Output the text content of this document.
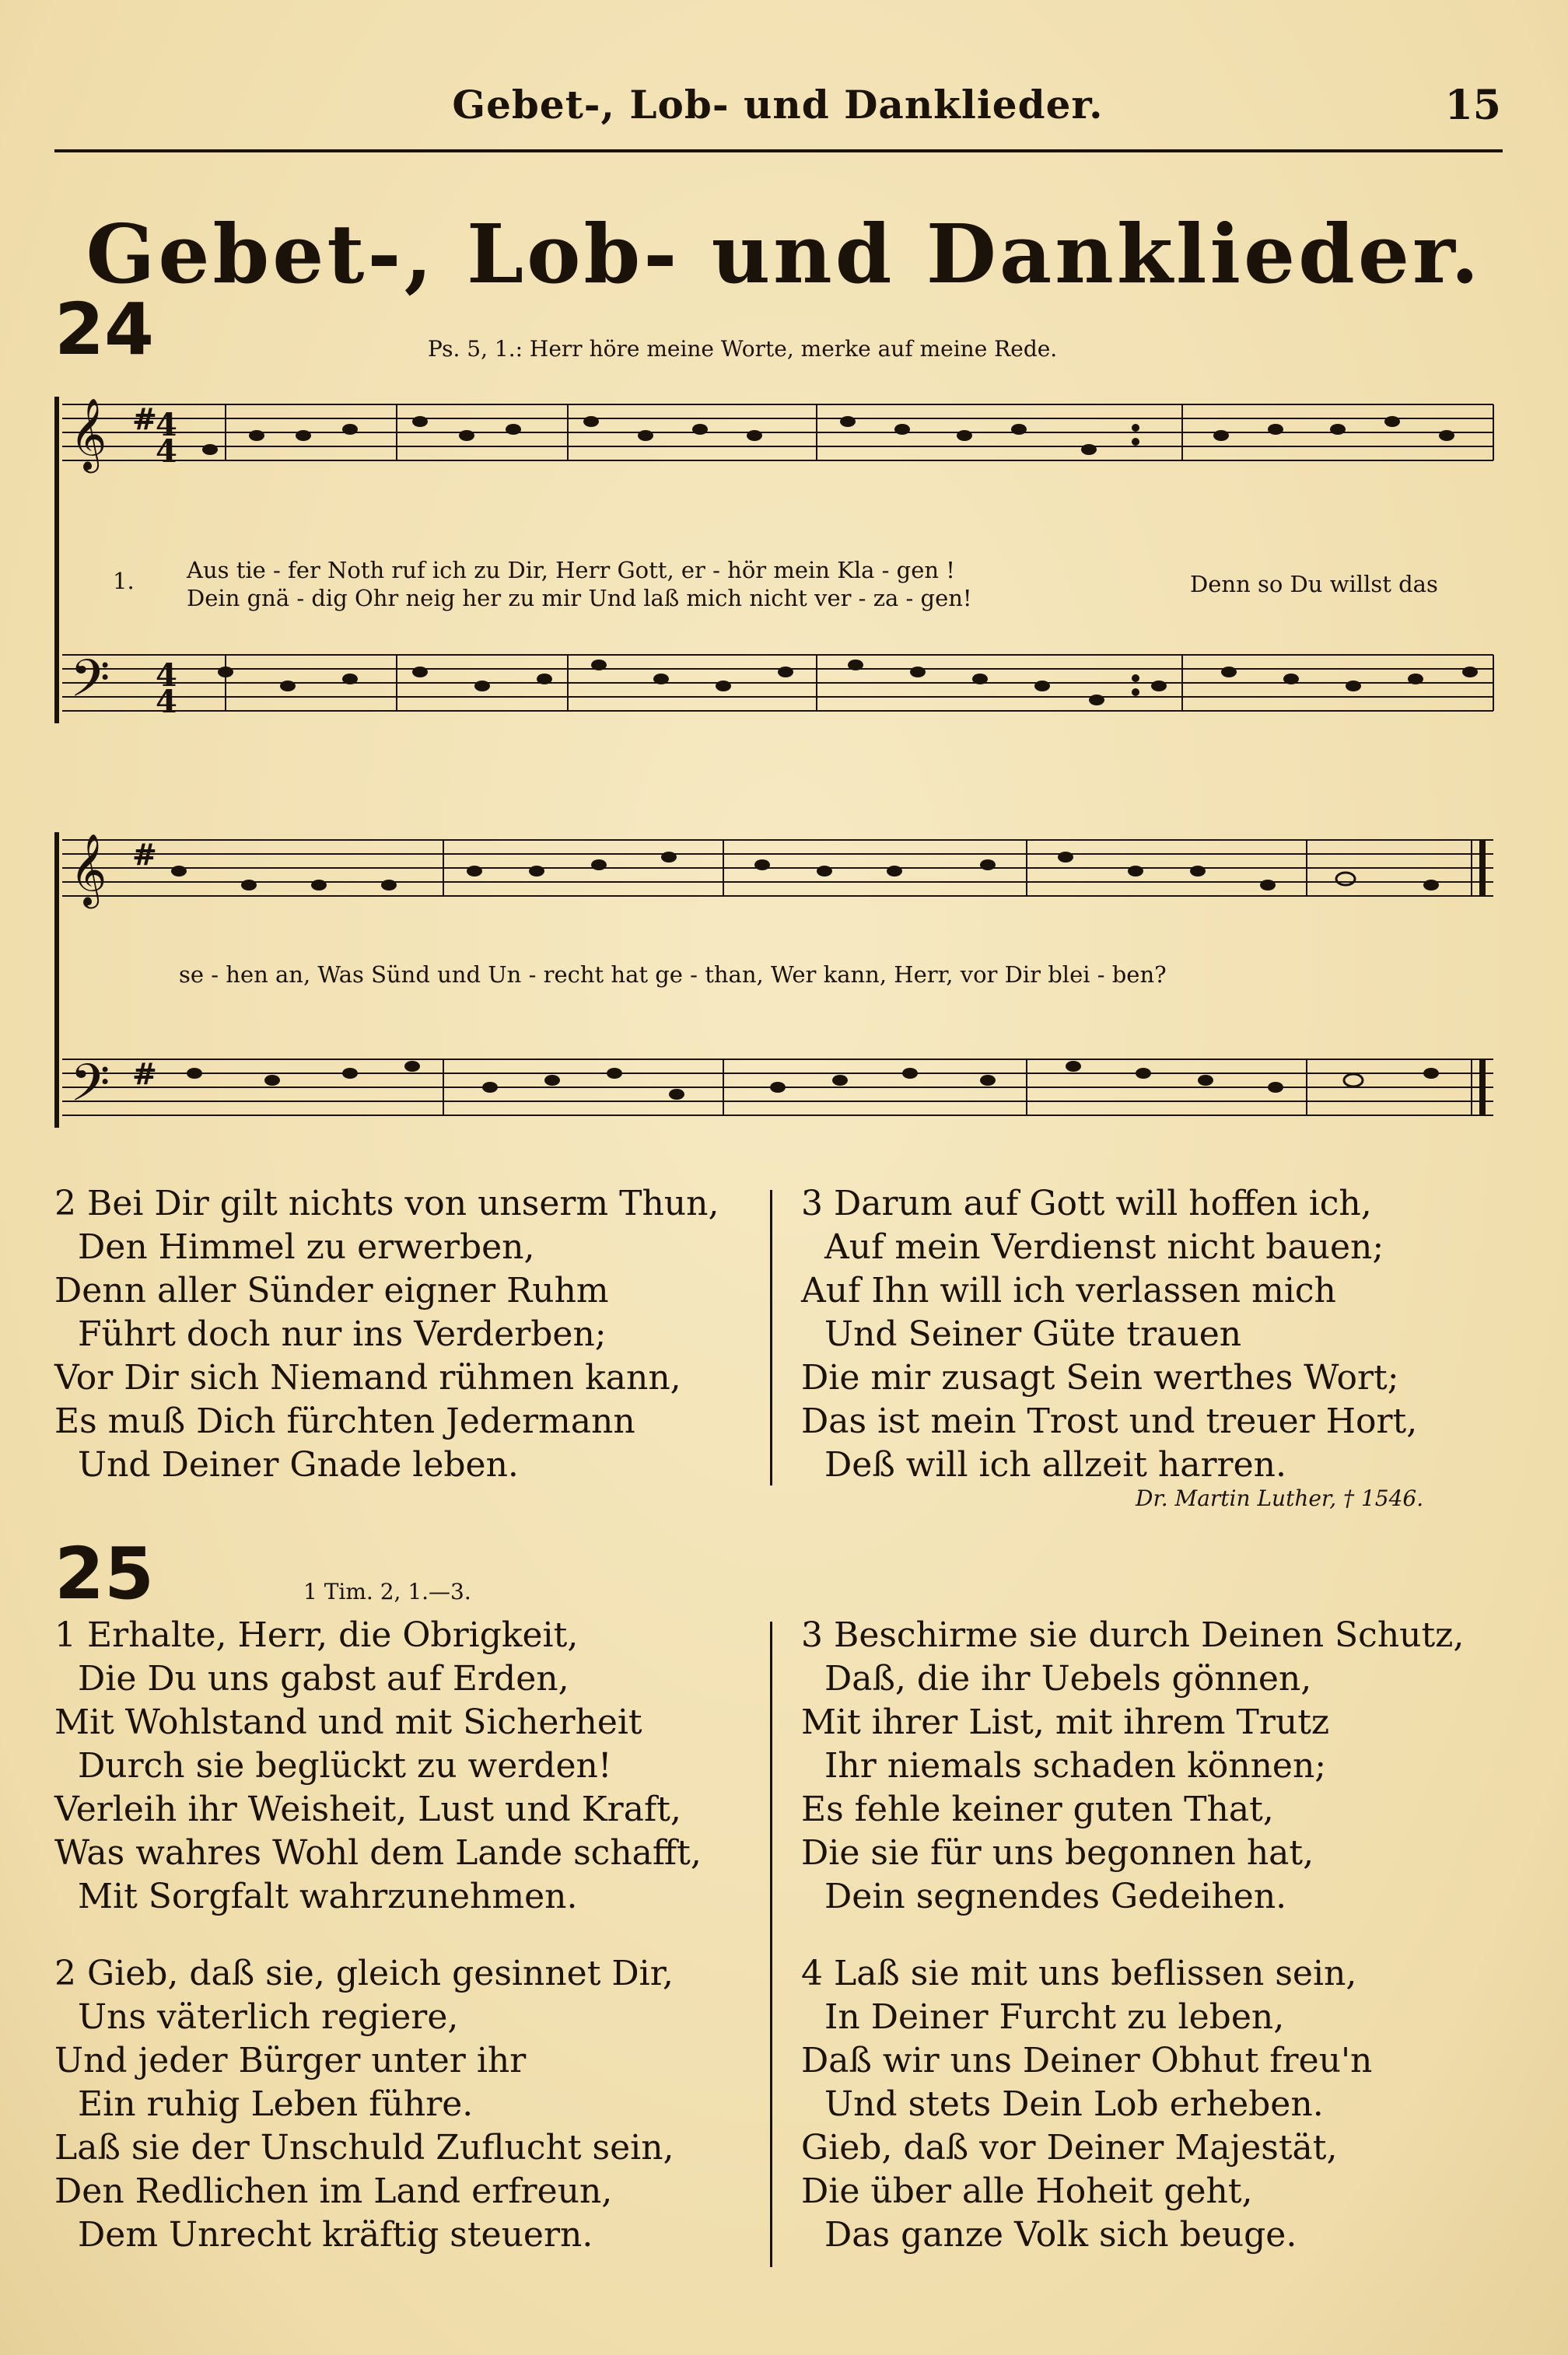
Gebet-, Lob- und Danklieder.	15
Gebet-, Lob- und Danklieder.
24	Ps. 5, 1.: Herr höre meine Worte, merke auf meine Rede.
𝄞 #
4
4
𝄢 4
4
1. Aus tie - fer Noth ruf ich zu Dir, Herr Gott, er - hör mein Kla - gen !
Dein gnä - dig Ohr neig her zu mir Und laß mich nicht ver - za - gen!
Denn so Du willst das
𝄞 #
𝄢 #
se - hen an, Was Sünd und Un - recht hat ge - than, Wer kann, Herr, vor Dir blei - ben?
2 Bei Dir gilt nichts von unserm Thun,
Den Himmel zu erwerben,
Denn aller Sünder eigner Ruhm
Führt doch nur ins Verderben;
Vor Dir sich Niemand rühmen kann,
Es muß Dich fürchten Jedermann
Und Deiner Gnade leben.
3 Darum auf Gott will hoffen ich,
Auf mein Verdienst nicht bauen;
Auf Ihn will ich verlassen mich
Und Seiner Güte trauen
Die mir zusagt Sein werthes Wort;
Das ist mein Trost und treuer Hort,
Deß will ich allzeit harren.
Dr. Martin Luther, † 1546.
25	1 Tim. 2, 1.—3.
1 Erhalte, Herr, die Obrigkeit,
Die Du uns gabst auf Erden,
Mit Wohlstand und mit Sicherheit
Durch sie beglückt zu werden!
Verleih ihr Weisheit, Lust und Kraft,
Was wahres Wohl dem Lande schafft,
Mit Sorgfalt wahrzunehmen.
2 Gieb, daß sie, gleich gesinnet Dir,
Uns väterlich regiere,
Und jeder Bürger unter ihr
Ein ruhig Leben führe.
Laß sie der Unschuld Zuflucht sein,
Den Redlichen im Land erfreun,
Dem Unrecht kräftig steuern.
3 Beschirme sie durch Deinen Schutz,
Daß, die ihr Uebels gönnen,
Mit ihrer List, mit ihrem Trutz
Ihr niemals schaden können;
Es fehle keiner guten That,
Die sie für uns begonnen hat,
Dein segnendes Gedeihen.
4 Laß sie mit uns beflissen sein,
In Deiner Furcht zu leben,
Daß wir uns Deiner Obhut freu'n
Und stets Dein Lob erheben.
Gieb, daß vor Deiner Majestät,
Die über alle Hoheit geht,
Das ganze Volk sich beuge.
